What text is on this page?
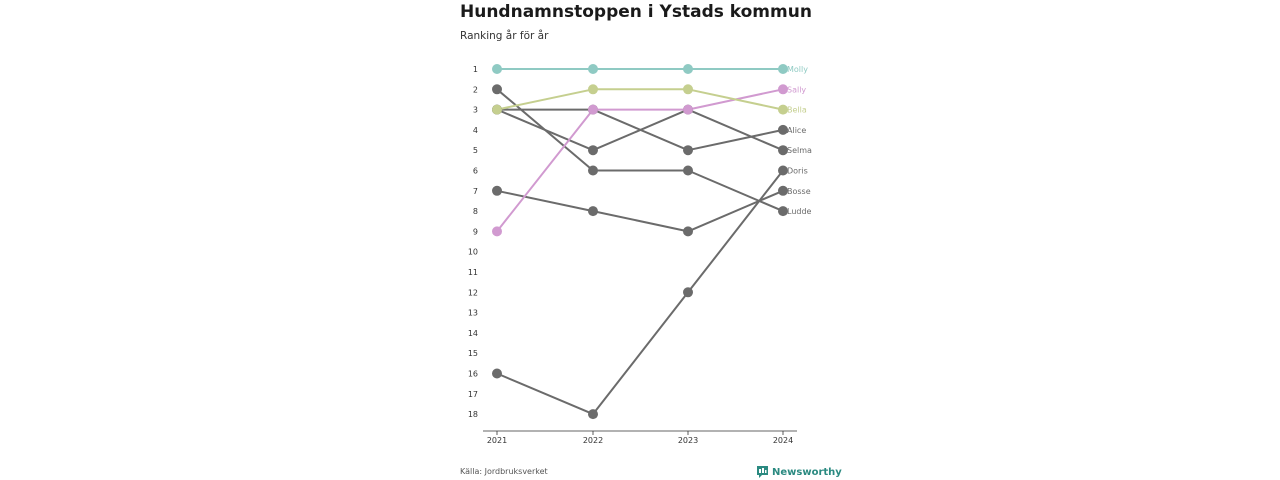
Hundnamnstoppen i Ystads kommun
Ranking år för år
1
2
3
4
5
6
7
8
9
10
11
12
13
14
15
16
17
18
2021	2022	2023	2024
Alice
Ludde
Doris
Bosse
Selma
Molly
Sally
Bella
Källa: Jordbruksverket	Newsworthy
